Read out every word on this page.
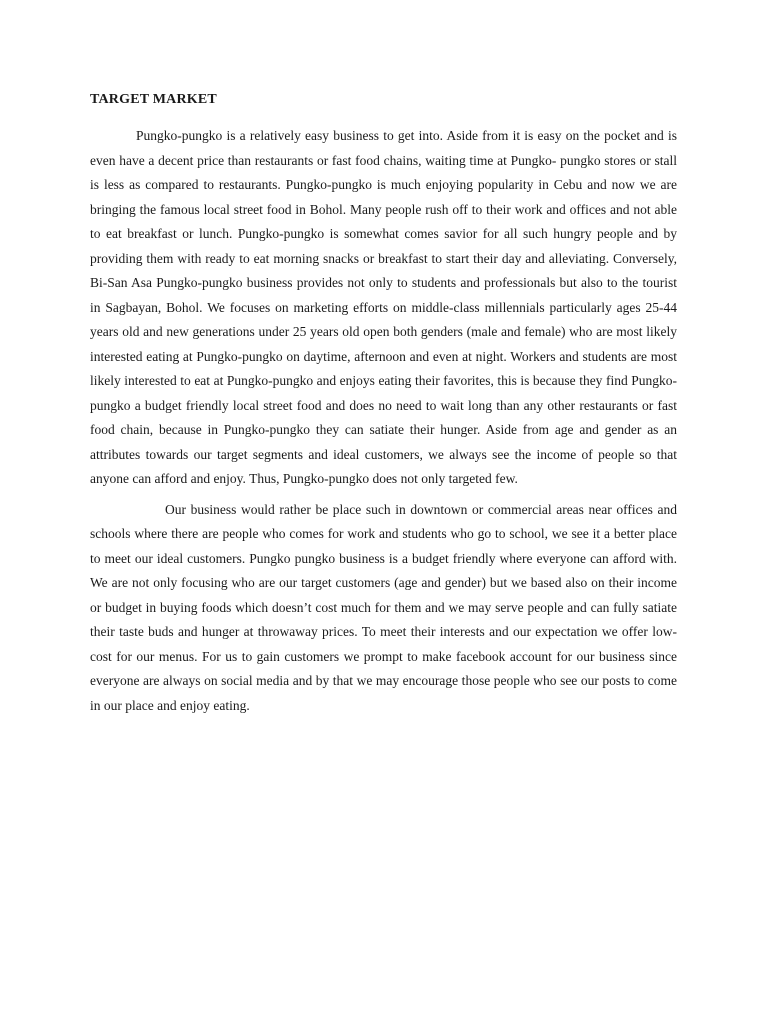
TARGET MARKET

Pungko-pungko is a relatively easy business to get into. Aside from it is easy on the pocket and is even have a decent price than restaurants or fast food chains, waiting time at Pungko- pungko stores or stall is less as compared to restaurants. Pungko-pungko is much enjoying popularity in Cebu and now we are bringing the famous local street food in Bohol. Many people rush off to their work and offices and not able to eat breakfast or lunch. Pungko-pungko is somewhat comes savior for all such hungry people and by providing them with ready to eat morning snacks or breakfast to start their day and alleviating. Conversely, Bi-San Asa Pungko-pungko business provides not only to students and professionals but also to the tourist in Sagbayan, Bohol. We focuses on marketing efforts on middle-class millennials particularly ages 25-44 years old and new generations under 25 years old open both genders (male and female) who are most likely interested eating at Pungko-pungko on daytime, afternoon and even at night. Workers and students are most likely interested to eat at Pungko-pungko and enjoys eating their favorites, this is because they find Pungko-pungko a budget friendly local street food and does no need to wait long than any other restaurants or fast food chain, because in Pungko-pungko they can satiate their hunger. Aside from age and gender as an attributes towards our target segments and ideal customers, we always see the income of people so that anyone can afford and enjoy. Thus, Pungko-pungko does not only targeted few.

Our business would rather be place such in downtown or commercial areas near offices and schools where there are people who comes for work and students who go to school, we see it a better place to meet our ideal customers. Pungko pungko business is a budget friendly where everyone can afford with. We are not only focusing who are our target customers (age and gender) but we based also on their income or budget in buying foods which doesn’t cost much for them and we may serve people and can fully satiate their taste buds and hunger at throwaway prices. To meet their interests and our expectation we offer low-cost for our menus. For us to gain customers we prompt to make facebook account for our business since everyone are always on social media and by that we may encourage those people who see our posts to come in our place and enjoy eating.
